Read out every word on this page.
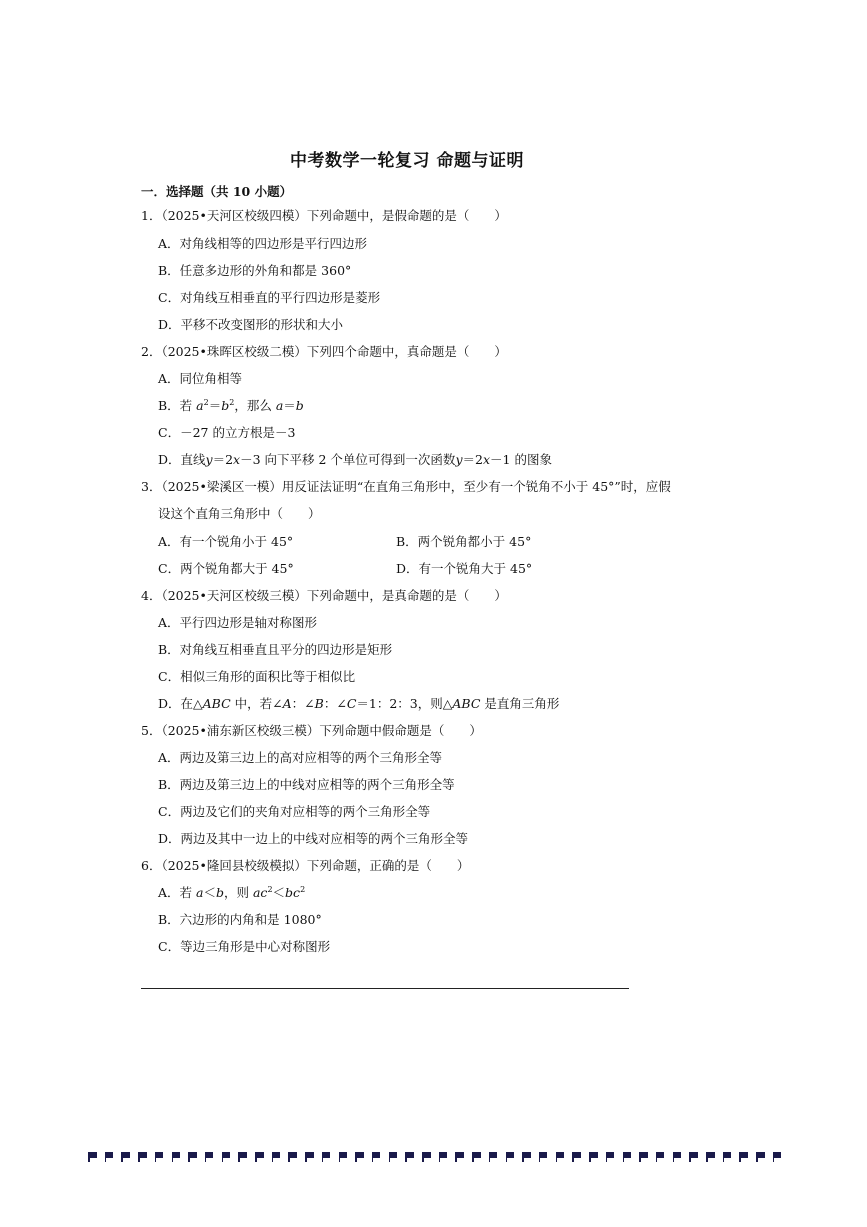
中考数学一轮复习 命题与证明
一．选择题（共 10 小题）
1．（2025•天河区校级四模）下列命题中，是假命题的是（　　）
A．对角线相等的四边形是平行四边形
B．任意多边形的外角和都是 360°
C．对角线互相垂直的平行四边形是菱形
D．平移不改变图形的形状和大小
2．（2025•珠晖区校级二模）下列四个命题中，真命题是（　　）
A．同位角相等
B．若 $a^2=b^2$，那么 a＝b
C．－27 的立方根是－3
D．直线y＝2x－3 向下平移 2 个单位可得到一次函数y＝2x－1 的图象
3．（2025•梁溪区一模）用反证法证明“在直角三角形中，至少有一个锐角不小于 45°”时，应假
设这个直角三角形中（　　）
A．有一个锐角小于 45°	B．两个锐角都小于 45°
C．两个锐角都大于 45°	D．有一个锐角大于 45°
4．（2025•天河区校级三模）下列命题中，是真命题的是（　　）
A．平行四边形是轴对称图形
B．对角线互相垂直且平分的四边形是矩形
C．相似三角形的面积比等于相似比
D．在△ABC 中，若∠A：∠B：∠C＝1：2：3，则△ABC 是直角三角形
5．（2025•浦东新区校级三模）下列命题中假命题是（　　）
A．两边及第三边上的高对应相等的两个三角形全等
B．两边及第三边上的中线对应相等的两个三角形全等
C．两边及它们的夹角对应相等的两个三角形全等
D．两边及其中一边上的中线对应相等的两个三角形全等
6．（2025•隆回县校级模拟）下列命题，正确的是（　　）
A．若 a＜b，则 $ac^2<bc^2$
B．六边形的内角和是 1080°
C．等边三角形是中心对称图形
